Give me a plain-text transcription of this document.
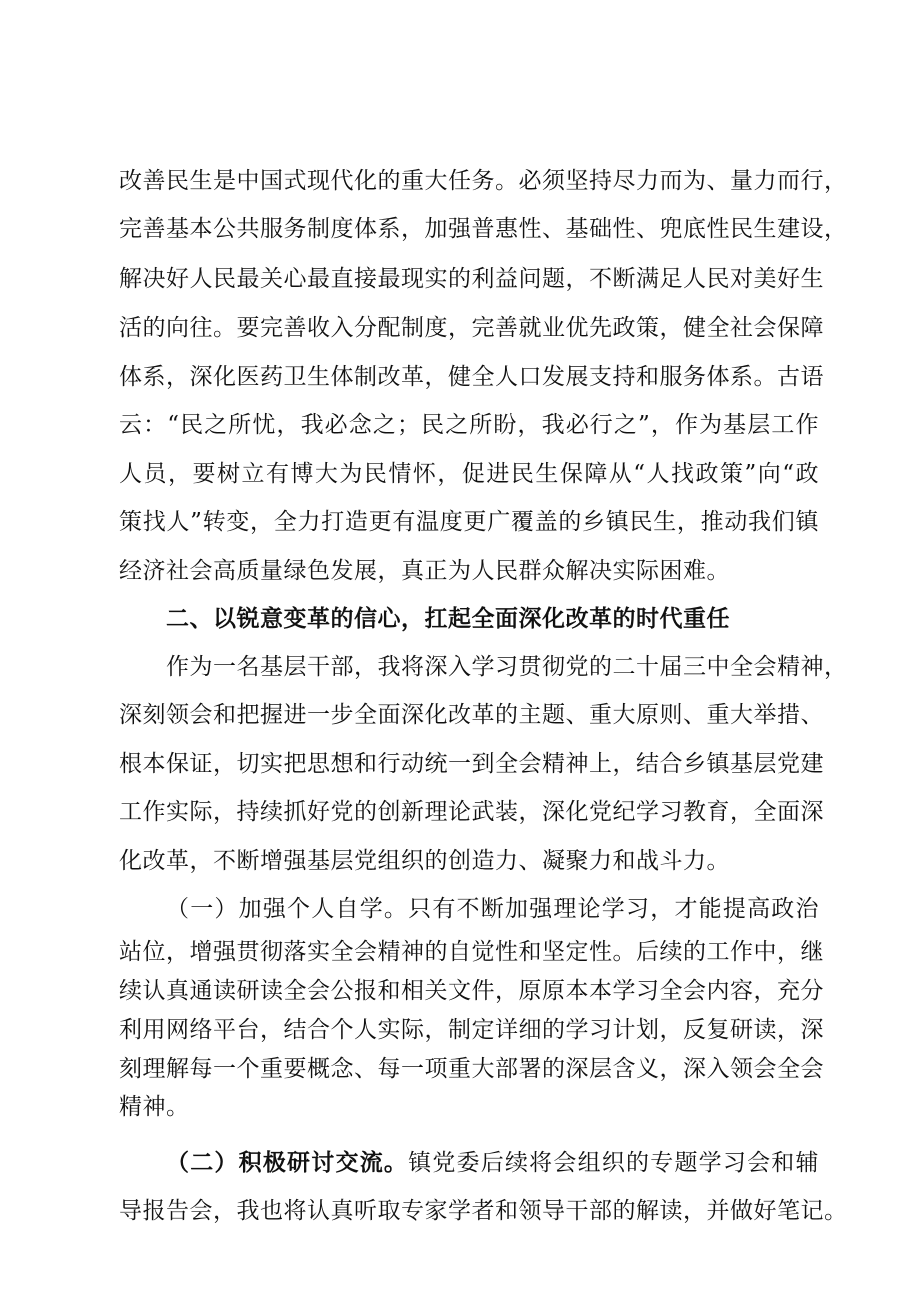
改善民生是中国式现代化的重大任务。必须坚持尽力而为、量力而行，
完善基本公共服务制度体系，加强普惠性、基础性、兜底性民生建设，
解决好人民最关心最直接最现实的利益问题，不断满足人民对美好生
活的向往。要完善收入分配制度，完善就业优先政策，健全社会保障
体系，深化医药卫生体制改革，健全人口发展支持和服务体系。古语
云：“民之所忧，我必念之；民之所盼，我必行之”，作为基层工作
人员，要树立有博大为民情怀，促进民生保障从“人找政策”向“政
策找人”转变，全力打造更有温度更广覆盖的乡镇民生，推动我们镇
经济社会高质量绿色发展，真正为人民群众解决实际困难。
二、以锐意变革的信心，扛起全面深化改革的时代重任
作为一名基层干部，我将深入学习贯彻党的二十届三中全会精神，
深刻领会和把握进一步全面深化改革的主题、重大原则、重大举措、
根本保证，切实把思想和行动统一到全会精神上，结合乡镇基层党建
工作实际，持续抓好党的创新理论武装，深化党纪学习教育，全面深
化改革，不断增强基层党组织的创造力、凝聚力和战斗力。
（一）加强个人自学。只有不断加强理论学习，才能提高政治
站位，增强贯彻落实全会精神的自觉性和坚定性。后续的工作中，继
续认真通读研读全会公报和相关文件，原原本本学习全会内容，充分
利用网络平台，结合个人实际，制定详细的学习计划，反复研读，深
刻理解每一个重要概念、每一项重大部署的深层含义，深入领会全会
精神。
（二）积极研讨交流。镇党委后续将会组织的专题学习会和辅
导报告会，我也将认真听取专家学者和领导干部的解读，并做好笔记。
